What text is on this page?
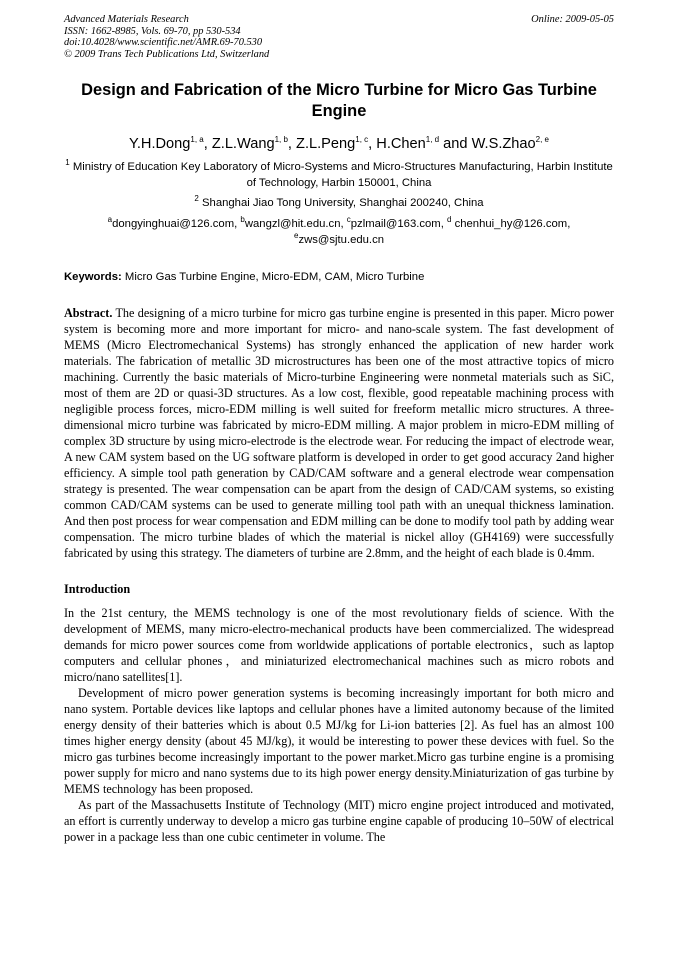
Advanced Materials Research
ISSN: 1662-8985, Vols. 69-70, pp 530-534
doi:10.4028/www.scientific.net/AMR.69-70.530
© 2009 Trans Tech Publications Ltd, Switzerland
Online: 2009-05-05
Design and Fabrication of the Micro Turbine for Micro Gas Turbine Engine
Y.H.Dong$^{1, a}$, Z.L.Wang$^{1, b}$, Z.L.Peng$^{1, c}$, H.Chen$^{1, d}$ and W.S.Zhao$^{2, e}$
$^1$ Ministry of Education Key Laboratory of Micro-Systems and Micro-Structures Manufacturing, Harbin Institute of Technology, Harbin 150001, China
$^2$ Shanghai Jiao Tong University, Shanghai 200240, China
$^a$dongyinghuai@126.com, $^b$wangzl@hit.edu.cn, $^c$pzlmail@163.com, $^d$ chenhui_hy@126.com, $^e$zws@sjtu.edu.cn
Keywords: Micro Gas Turbine Engine, Micro-EDM, CAM, Micro Turbine
Abstract. The designing of a micro turbine for micro gas turbine engine is presented in this paper. Micro power system is becoming more and more important for micro- and nano-scale system. The fast development of MEMS (Micro Electromechanical Systems) has strongly enhanced the application of new harder work materials. The fabrication of metallic 3D microstructures has been one of the most attractive topics of micro machining. Currently the basic materials of Micro-turbine Engineering were nonmetal materials such as SiC, most of them are 2D or quasi-3D structures. As a low cost, flexible, good repeatable machining process with negligible process forces, micro-EDM milling is well suited for freeform metallic micro structures. A three-dimensional micro turbine was fabricated by micro-EDM milling. A major problem in micro-EDM milling of complex 3D structure by using micro-electrode is the electrode wear. For reducing the impact of electrode wear, A new CAM system based on the UG software platform is developed in order to get good accuracy 2and higher efficiency. A simple tool path generation by CAD/CAM software and a general electrode wear compensation strategy is presented. The wear compensation can be apart from the design of CAD/CAM systems, so existing common CAD/CAM systems can be used to generate milling tool path with an unequal thickness lamination. And then post process for wear compensation and EDM milling can be done to modify tool path by adding wear compensation. The micro turbine blades of which the material is nickel alloy (GH4169) were successfully fabricated by using this strategy. The diameters of turbine are 2.8mm, and the height of each blade is 0.4mm.
Introduction

In the 21st century, the MEMS technology is one of the most revolutionary fields of science. With the development of MEMS, many micro-electro-mechanical products have been commercialized. The widespread demands for micro power sources come from worldwide applications of portable electronics，such as laptop computers and cellular phones，and miniaturized electromechanical machines such as micro robots and micro/nano satellites[1].

Development of micro power generation systems is becoming increasingly important for both micro and nano system. Portable devices like laptops and cellular phones have a limited autonomy because of the limited energy density of their batteries which is about 0.5 MJ/kg for Li-ion batteries [2]. As fuel has an almost 100 times higher energy density (about 45 MJ/kg), it would be interesting to power these devices with fuel. So the micro gas turbines become increasingly important to the power market.Micro gas turbine engine is a promising power supply for micro and nano systems due to its high power energy density.Miniaturization of gas turbine by MEMS technology has been proposed.

As part of the Massachusetts Institute of Technology (MIT) micro engine project introduced and motivated, an effort is currently underway to develop a micro gas turbine engine capable of producing 10–50W of electrical power in a package less than one cubic centimeter in volume. The
